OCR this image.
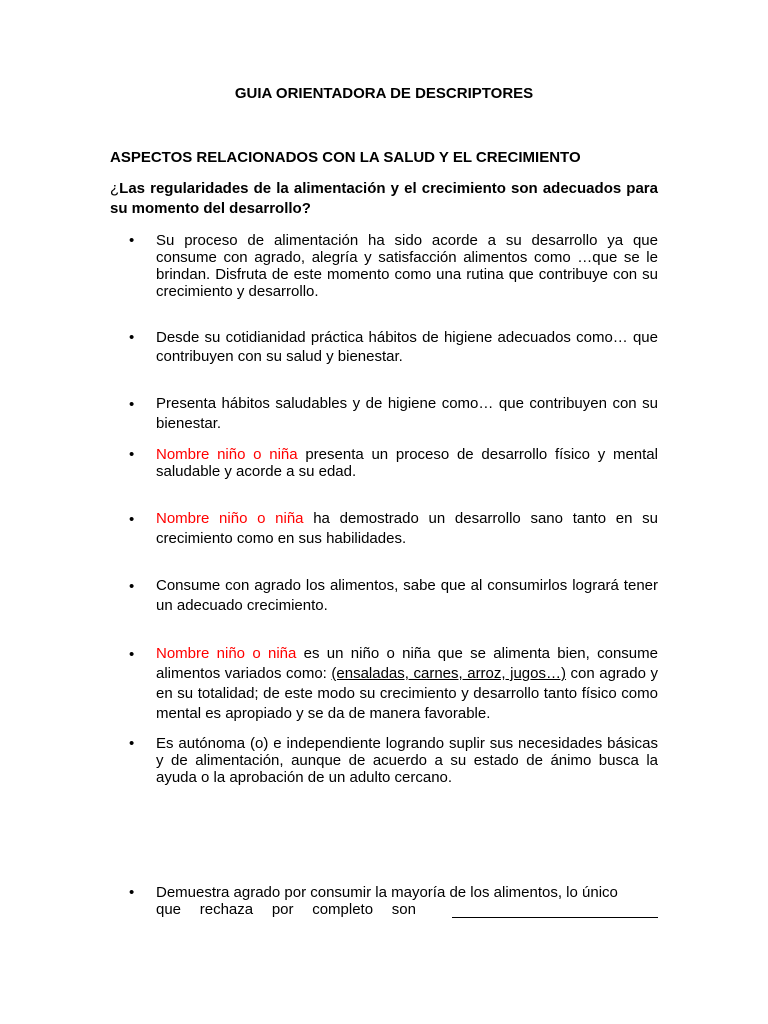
GUIA ORIENTADORA DE DESCRIPTORES
ASPECTOS RELACIONADOS CON LA SALUD Y EL CRECIMIENTO
¿Las regularidades de la alimentación y el crecimiento son adecuados para su momento del desarrollo?
• Su proceso de alimentación ha sido acorde a su desarrollo ya que consume con agrado, alegría y satisfacción alimentos como …que se le brindan. Disfruta de este momento como una rutina que contribuye con su crecimiento y desarrollo.
• Desde su cotidianidad práctica hábitos de higiene adecuados como… que contribuyen con su salud y bienestar.
• Presenta hábitos saludables y de higiene como… que contribuyen con su bienestar.
• Nombre niño o niña presenta un proceso de desarrollo físico y mental saludable y acorde a su edad.
• Nombre niño o niña ha demostrado un desarrollo sano tanto en su crecimiento como en sus habilidades.
• Consume con agrado los alimentos, sabe que al consumirlos logrará tener un adecuado crecimiento.
• Nombre niño o niña es un niño o niña que se alimenta bien, consume alimentos variados como: (ensaladas, carnes, arroz, jugos…) con agrado y en su totalidad; de este modo su crecimiento y desarrollo tanto físico como mental es apropiado y se da de manera favorable.
• Es autónoma (o) e independiente logrando suplir sus necesidades básicas y de alimentación, aunque de acuerdo a su estado de ánimo busca la ayuda o la aprobación de un adulto cercano.
• Demuestra agrado por consumir la mayoría de los alimentos, lo único
que rechaza por completo son
